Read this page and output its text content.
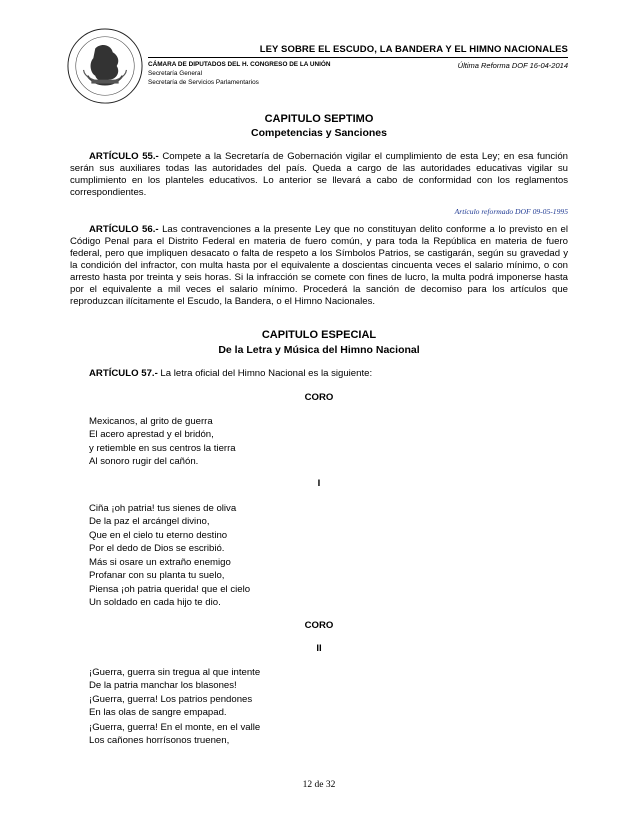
LEY SOBRE EL ESCUDO, LA BANDERA Y EL HIMNO NACIONALES
CÁMARA DE DIPUTADOS DEL H. CONGRESO DE LA UNIÓN	Última Reforma DOF 16-04-2014
Secretaría General
Secretaría de Servicios Parlamentarios
CAPITULO SEPTIMO
Competencias y Sanciones
ARTÍCULO 55.- Compete a la Secretaría de Gobernación vigilar el cumplimiento de esta Ley; en esa función serán sus auxiliares todas las autoridades del país. Queda a cargo de las autoridades educativas vigilar su cumplimiento en los planteles educativos. Lo anterior se llevará a cabo de conformidad con los reglamentos correspondientes.
Artículo reformado DOF 09-05-1995
ARTÍCULO 56.- Las contravenciones a la presente Ley que no constituyan delito conforme a lo previsto en el Código Penal para el Distrito Federal en materia de fuero común, y para toda la República en materia de fuero federal, pero que impliquen desacato o falta de respeto a los Símbolos Patrios, se castigarán, según su gravedad y la condición del infractor, con multa hasta por el equivalente a doscientas cincuenta veces el salario mínimo, o con arresto hasta por treinta y seis horas. Si la infracción se comete con fines de lucro, la multa podrá imponerse hasta por el equivalente a mil veces el salario mínimo. Procederá la sanción de decomiso para los artículos que reproduzcan ilícitamente el Escudo, la Bandera, o el Himno Nacionales.
CAPITULO ESPECIAL
De la Letra y Música del Himno Nacional
ARTÍCULO 57.- La letra oficial del Himno Nacional es la siguiente:
CORO
Mexicanos, al grito de guerra
El acero aprestad y el bridón,
y retiemble en sus centros la tierra
Al sonoro rugir del cañón.
I
Ciña ¡oh patria! tus sienes de oliva
De la paz el arcángel divino,
Que en el cielo tu eterno destino
Por el dedo de Dios se escribió.
Más si osare un extraño enemigo
Profanar con su planta tu suelo,
Piensa ¡oh patria querida! que el cielo
Un soldado en cada hijo te dio.
CORO
II
¡Guerra, guerra sin tregua al que intente
De la patria manchar los blasones!
¡Guerra, guerra! Los patrios pendones
En las olas de sangre empapad.
¡Guerra, guerra! En el monte, en el valle
Los cañones horrísonos truenen,
12 de 32
